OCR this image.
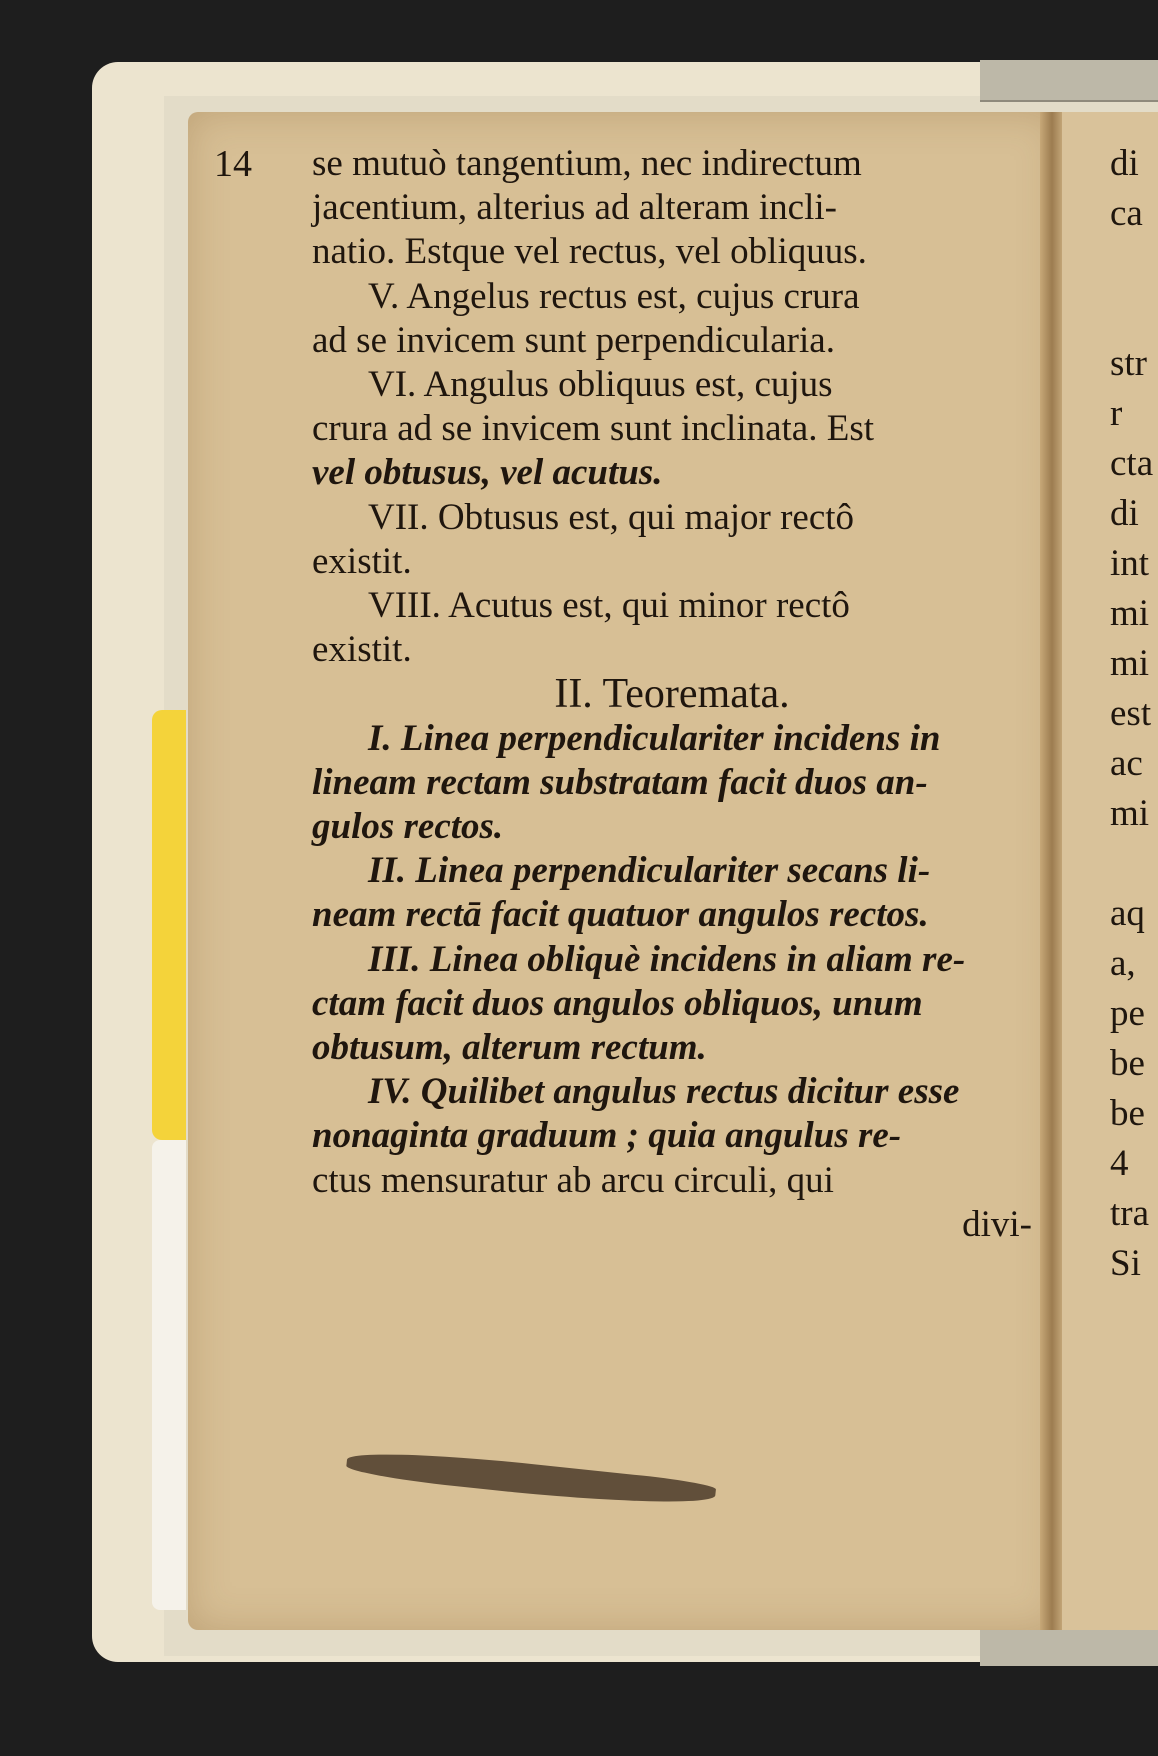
14 se mutuò tangentium, nec indirectum
jacentium, alterius ad alteram incli-
natio. Estque vel rectus, vel obliquus.
V. Angelus rectus est, cujus crura
ad se invicem sunt perpendicularia.
VI. Angulus obliquus est, cujus
crura ad se invicem sunt inclinata. Est
vel obtusus, vel acutus.
VII. Obtusus est, qui major rectô
existit.
VIII. Acutus est, qui minor rectô
existit.
II. Teoremata.
I. Linea perpendiculariter incidens in
lineam rectam substratam facit duos an-
gulos rectos.
II. Linea perpendiculariter secans li-
neam rectā facit quatuor angulos rectos.
III. Linea obliquè incidens in aliam re-
ctam facit duos angulos obliquos, unum
obtusum, alterum rectum.
IV. Quilibet angulus rectus dicitur esse
nonaginta graduum ; quia angulus re-
ctus mensuratur ab arcu circuli, qui
divi-
di
ca
str
r
cta
di
int
mi
mi
est
ac
mi
aq
a,
pe
be
be
4
tra
Si
